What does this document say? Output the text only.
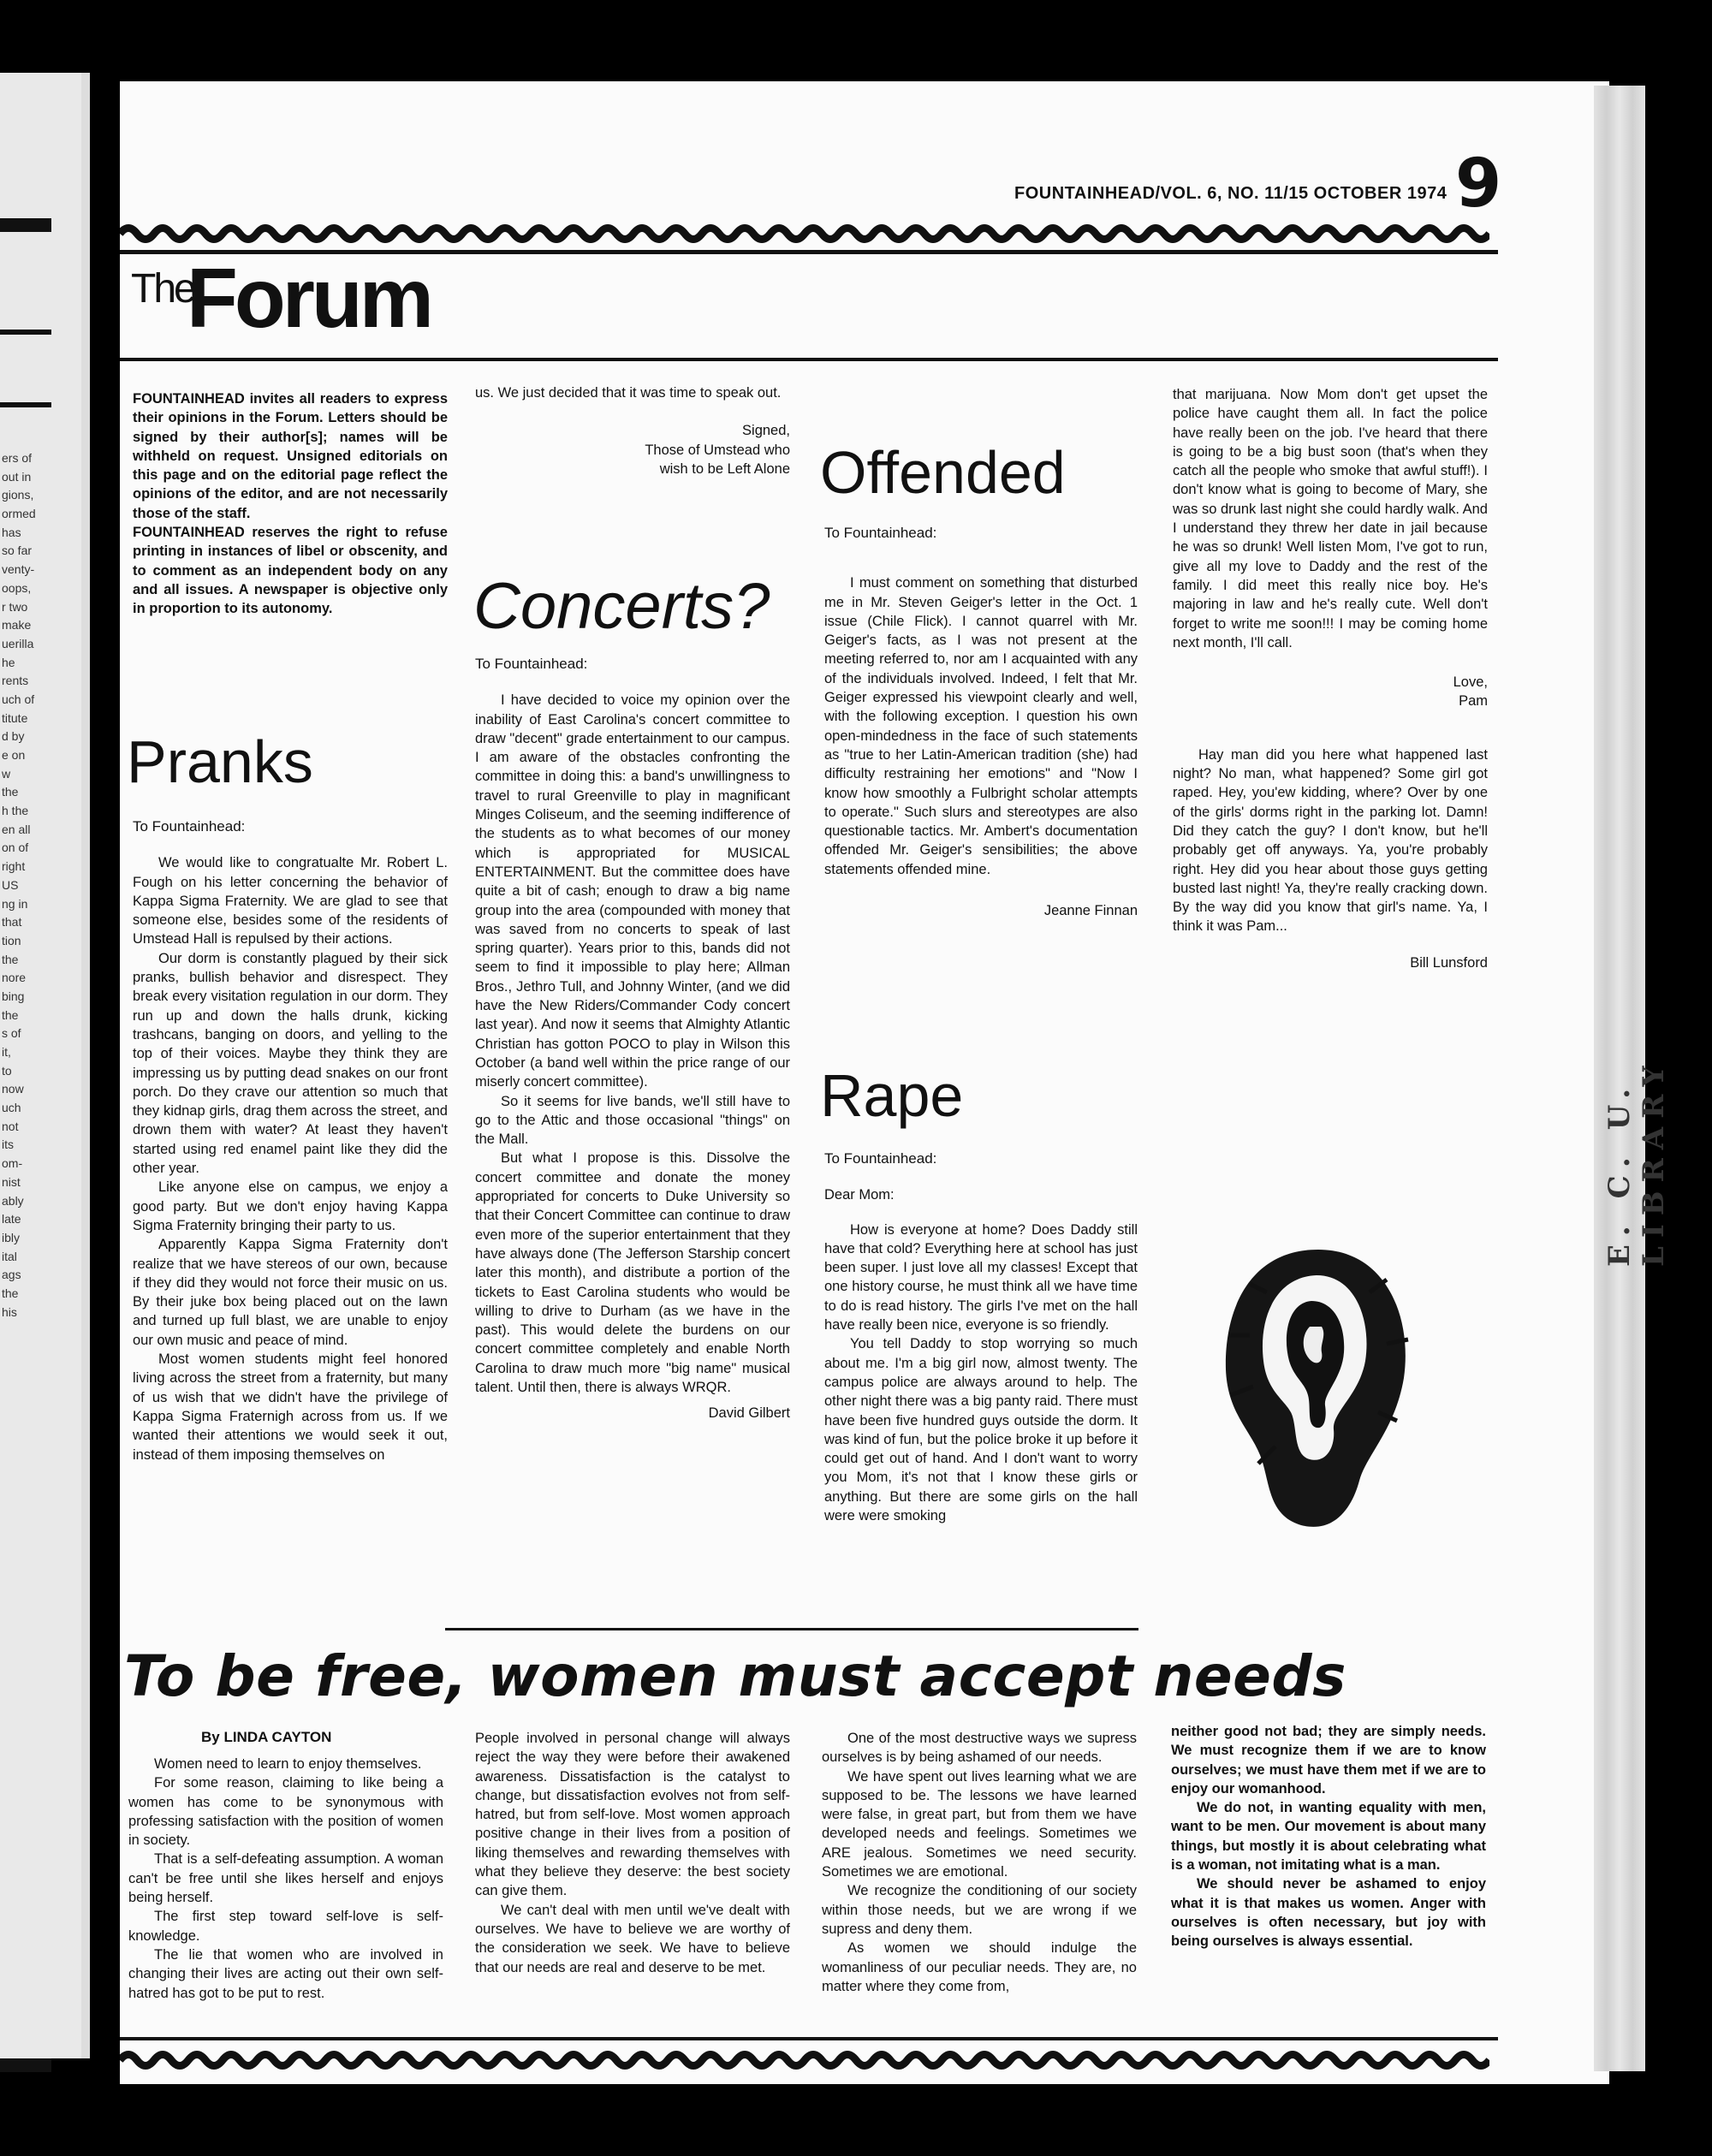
ers of
out in
gions,
ormed
has
so far
venty-
oops,
r two
make
uerilla
he
rents
uch of
titute
d by
e on
w
the
h the
en all
on of
right
US
ng in
that
tion
the
nore
bing
the
s of
it,
to
now
uch
not
its
om-
nist
ably
late
ibly
ital
ags
the
his
E. C. U. LIBRARY
FOUNTAINHEAD/VOL. 6, NO. 11/15 OCTOBER 1974 9
The
Forum

FOUNTAINHEAD invites all readers to express their opinions in the Forum. Letters should be signed by their author[s]; names will be withheld on request. Unsigned editorials on this page and on the editorial page reflect the opinions of the editor, and are not necessarily those of the staff.

FOUNTAINHEAD reserves the right to refuse printing in instances of libel or obscenity, and to comment as an independent body on any and all issues. A newspaper is objective only in proportion to its autonomy.

Pranks

To Fountainhead:

We would like to congratualte Mr. Robert L. Fough on his letter concerning the behavior of Kappa Sigma Fraternity. We are glad to see that someone else, besides some of the residents of Umstead Hall is repulsed by their actions.

Our dorm is constantly plagued by their sick pranks, bullish behavior and disrespect. They break every visitation regulation in our dorm. They run up and down the halls drunk, kicking trashcans, banging on doors, and yelling to the top of their voices. Maybe they think they are impressing us by putting dead snakes on our front porch. Do they crave our attention so much that they kidnap girls, drag them across the street, and drown them with water? At least they haven't started using red enamel paint like they did the other year.

Like anyone else on campus, we enjoy a good party. But we don't enjoy having Kappa Sigma Fraternity bringing their party to us.

Apparently Kappa Sigma Fraternity don't realize that we have stereos of our own, because if they did they would not force their music on us. By their juke box being placed out on the lawn and turned up full blast, we are unable to enjoy our own music and peace of mind.

Most women students might feel honored living across the street from a fraternity, but many of us wish that we didn't have the privilege of Kappa Sigma Fraternigh across from us. If we wanted their attentions we would seek it out, instead of them imposing themselves on

us. We just decided that it was time to speak out.

Signed,
Those of Umstead who
wish to be Left Alone
Concerts?

To Fountainhead:

I have decided to voice my opinion over the inability of East Carolina's concert committee to draw "decent" grade entertainment to our campus. I am aware of the obstacles confronting the committee in doing this: a band's unwillingness to travel to rural Greenville to play in magnificant Minges Coliseum, and the seeming indifference of the students as to what becomes of our money which is appropriated for MUSICAL ENTERTAINMENT. But the committee does have quite a bit of cash; enough to draw a big name group into the area (compounded with money that was saved from no concerts to speak of last spring quarter). Years prior to this, bands did not seem to find it impossible to play here; Allman Bros., Jethro Tull, and Johnny Winter, (and we did have the New Riders/Commander Cody concert last year). And now it seems that Almighty Atlantic Christian has gotton POCO to play in Wilson this October (a band well within the price range of our miserly concert committee).

So it seems for live bands, we'll still have to go to the Attic and those occasional "things" on the Mall.

But what I propose is this. Dissolve the concert committee and donate the money appropriated for concerts to Duke University so that their Concert Committee can continue to draw even more of the superior entertainment that they have always done (The Jefferson Starship concert later this month), and distribute a portion of the tickets to East Carolina students who would be willing to drive to Durham (as we have in the past). This would delete the burdens on our concert committee completely and enable North Carolina to draw much more "big name" musical talent. Until then, there is always WRQR.

David Gilbert

Offended

To Fountainhead:

I must comment on something that disturbed me in Mr. Steven Geiger's letter in the Oct. 1 issue (Chile Flick). I cannot quarrel with Mr. Geiger's facts, as I was not present at the meeting referred to, nor am I acquainted with any of the individuals involved. Indeed, I felt that Mr. Geiger expressed his viewpoint clearly and well, with the following exception. I question his own open-mindedness in the face of such statements as "true to her Latin-American tradition (she) had difficulty restraining her emotions" and "Now I know how smoothly a Fulbright scholar attempts to operate." Such slurs and stereotypes are also questionable tactics. Mr. Ambert's documentation offended Mr. Geiger's sensibilities; the above statements offended mine.

Jeanne Finnan

Rape

To Fountainhead:

Dear Mom:

How is everyone at home? Does Daddy still have that cold? Everything here at school has just been super. I just love all my classes! Except that one history course, he must think all we have time to do is read history. The girls I've met on the hall have really been nice, everyone is so friendly.

You tell Daddy to stop worrying so much about me. I'm a big girl now, almost twenty. The campus police are always around to help. The other night there was a big panty raid. There must have been five hundred guys outside the dorm. It was kind of fun, but the police broke it up before it could get out of hand. And I don't want to worry you Mom, it's not that I know these girls or anything. But there are some girls on the hall were were smoking

that marijuana. Now Mom don't get upset the police have caught them all. In fact the police have really been on the job. I've heard that there is going to be a big bust soon (that's when they catch all the people who smoke that awful stuff!). I don't know what is going to become of Mary, she was so drunk last night she could hardly walk. And I understand they threw her date in jail because he was so drunk! Well listen Mom, I've got to run, give all my love to Daddy and the rest of the family. I did meet this really nice boy. He's majoring in law and he's really cute. Well don't forget to write me soon!!! I may be coming home next month, I'll call.

Love,
Pam

Hay man did you here what happened last night? No man, what happened? Some girl got raped. Hey, you'ew kidding, where? Over by one of the girls' dorms right in the parking lot. Damn! Did they catch the guy? I don't know, but he'll probably get off anyways. Ya, you're probably right. Hey did you hear about those guys getting busted last night! Ya, they're really cracking down. By the way did you know that girl's name. Ya, I think it was Pam...

Bill Lunsford

To be free, women must accept needs
By LINDA CAYTON

Women need to learn to enjoy themselves.

For some reason, claiming to like being a women has come to be synonymous with professing satisfaction with the position of women in society.

That is a self-defeating assumption. A woman can't be free until she likes herself and enjoys being herself.

The first step toward self-love is self-knowledge.

The lie that women who are involved in changing their lives are acting out their own self-hatred has got to be put to rest.

People involved in personal change will always reject the way they were before their awakened awareness. Dissatisfaction is the catalyst to change, but dissatisfaction evolves not from self-hatred, but from self-love. Most women approach positive change in their lives from a position of liking themselves and rewarding themselves with what they believe they deserve: the best society can give them.

We can't deal with men until we've dealt with ourselves. We have to believe we are worthy of the consideration we seek. We have to believe that our needs are real and deserve to be met.

One of the most destructive ways we supress ourselves is by being ashamed of our needs.

We have spent out lives learning what we are supposed to be. The lessons we have learned were false, in great part, but from them we have developed needs and feelings. Sometimes we ARE jealous. Sometimes we need security. Sometimes we are emotional.

We recognize the conditioning of our society within those needs, but we are wrong if we supress and deny them.

As women we should indulge the womanliness of our peculiar needs. They are, no matter where they come from,

neither good not bad; they are simply needs. We must recognize them if we are to know ourselves; we must have them met if we are to enjoy our womanhood.

We do not, in wanting equality with men, want to be men. Our movement is about many things, but mostly it is about celebrating what is a woman, not imitating what is a man.

We should never be ashamed to enjoy what it is that makes us women. Anger with ourselves is often necessary, but joy with being ourselves is always essential.
